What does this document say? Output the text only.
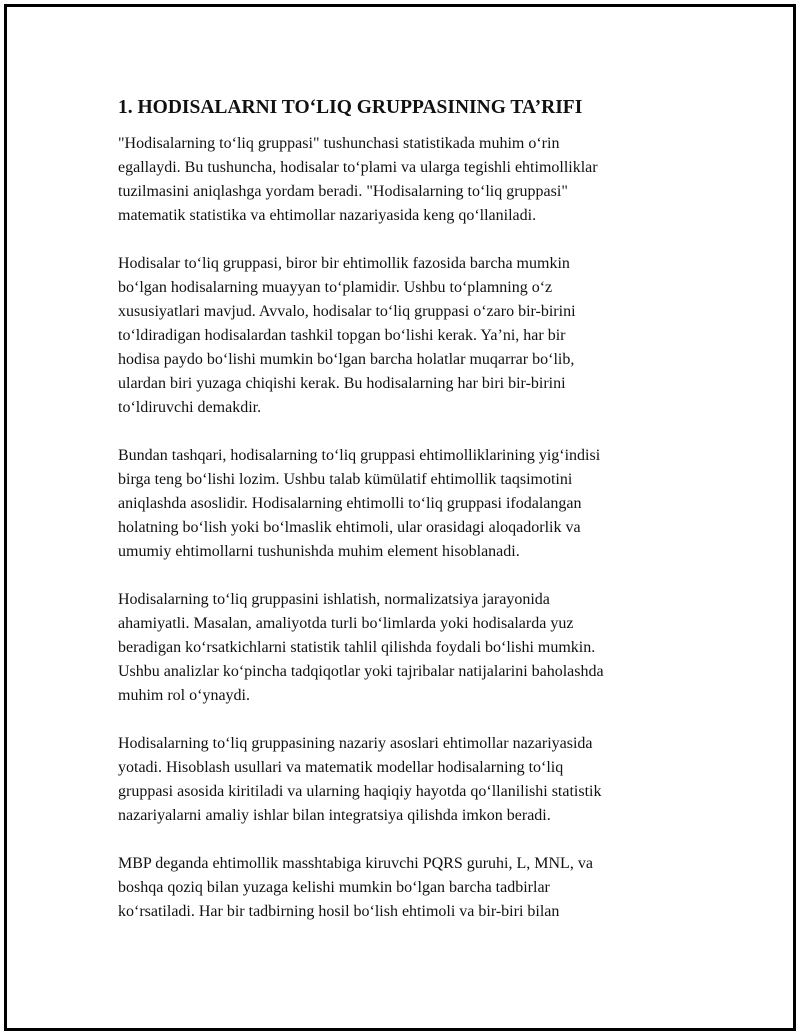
1. HODISALARNI TO‘LIQ GRUPPASINING TA’RIFI
"Hodisalarning to‘liq gruppasi" tushunchasi statistikada muhim o‘rin
egallaydi. Bu tushuncha, hodisalar to‘plami va ularga tegishli ehtimolliklar
tuzilmasini aniqlashga yordam beradi. "Hodisalarning to‘liq gruppasi"
matematik statistika va ehtimollar nazariyasida keng qo‘llaniladi.
Hodisalar to‘liq gruppasi, biror bir ehtimollik fazosida barcha mumkin
bo‘lgan hodisalarning muayyan to‘plamidir. Ushbu to‘plamning o‘z
xususiyatlari mavjud. Avvalo, hodisalar to‘liq gruppasi o‘zaro bir-birini
to‘ldiradigan hodisalardan tashkil topgan bo‘lishi kerak. Ya’ni, har bir
hodisa paydo bo‘lishi mumkin bo‘lgan barcha holatlar muqarrar bo‘lib,
ulardan biri yuzaga chiqishi kerak. Bu hodisalarning har biri bir-birini
to‘ldiruvchi demakdir.
Bundan tashqari, hodisalarning to‘liq gruppasi ehtimolliklarining yig‘indisi
birga teng bo‘lishi lozim. Ushbu talab kümülatif ehtimollik taqsimotini
aniqlashda asoslidir. Hodisalarning ehtimolli to‘liq gruppasi ifodalangan
holatning bo‘lish yoki bo‘lmaslik ehtimoli, ular orasidagi aloqadorlik va
umumiy ehtimollarni tushunishda muhim element hisoblanadi.
Hodisalarning to‘liq gruppasini ishlatish, normalizatsiya jarayonida
ahamiyatli. Masalan, amaliyotda turli bo‘limlarda yoki hodisalarda yuz
beradigan ko‘rsatkichlarni statistik tahlil qilishda foydali bo‘lishi mumkin.
Ushbu analizlar ko‘pincha tadqiqotlar yoki tajribalar natijalarini baholashda
muhim rol o‘ynaydi.
Hodisalarning to‘liq gruppasining nazariy asoslari ehtimollar nazariyasida
yotadi. Hisoblash usullari va matematik modellar hodisalarning to‘liq
gruppasi asosida kiritiladi va ularning haqiqiy hayotda qo‘llanilishi statistik
nazariyalarni amaliy ishlar bilan integratsiya qilishda imkon beradi.
MBP deganda ehtimollik masshtabiga kiruvchi PQRS guruhi, L, MNL, va
boshqa qoziq bilan yuzaga kelishi mumkin bo‘lgan barcha tadbirlar
ko‘rsatiladi. Har bir tadbirning hosil bo‘lish ehtimoli va bir-biri bilan
